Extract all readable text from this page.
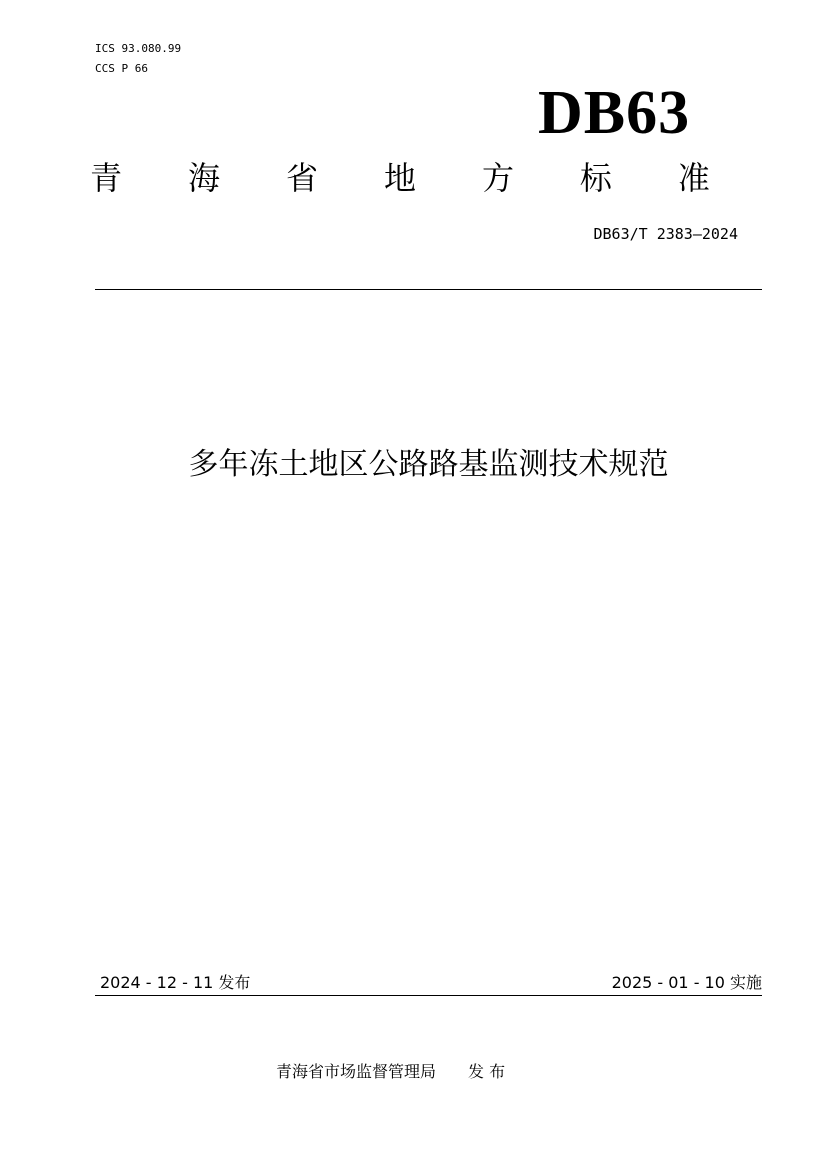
ICS 93.080.99
CCS P 66
DB63
青 海 省 地 方 标 准
DB63/T 2383—2024
多年冻土地区公路路基监测技术规范
2024 - 12 - 11 发布	2025 - 01 - 10 实施
青海省市场监督管理局 发 布
